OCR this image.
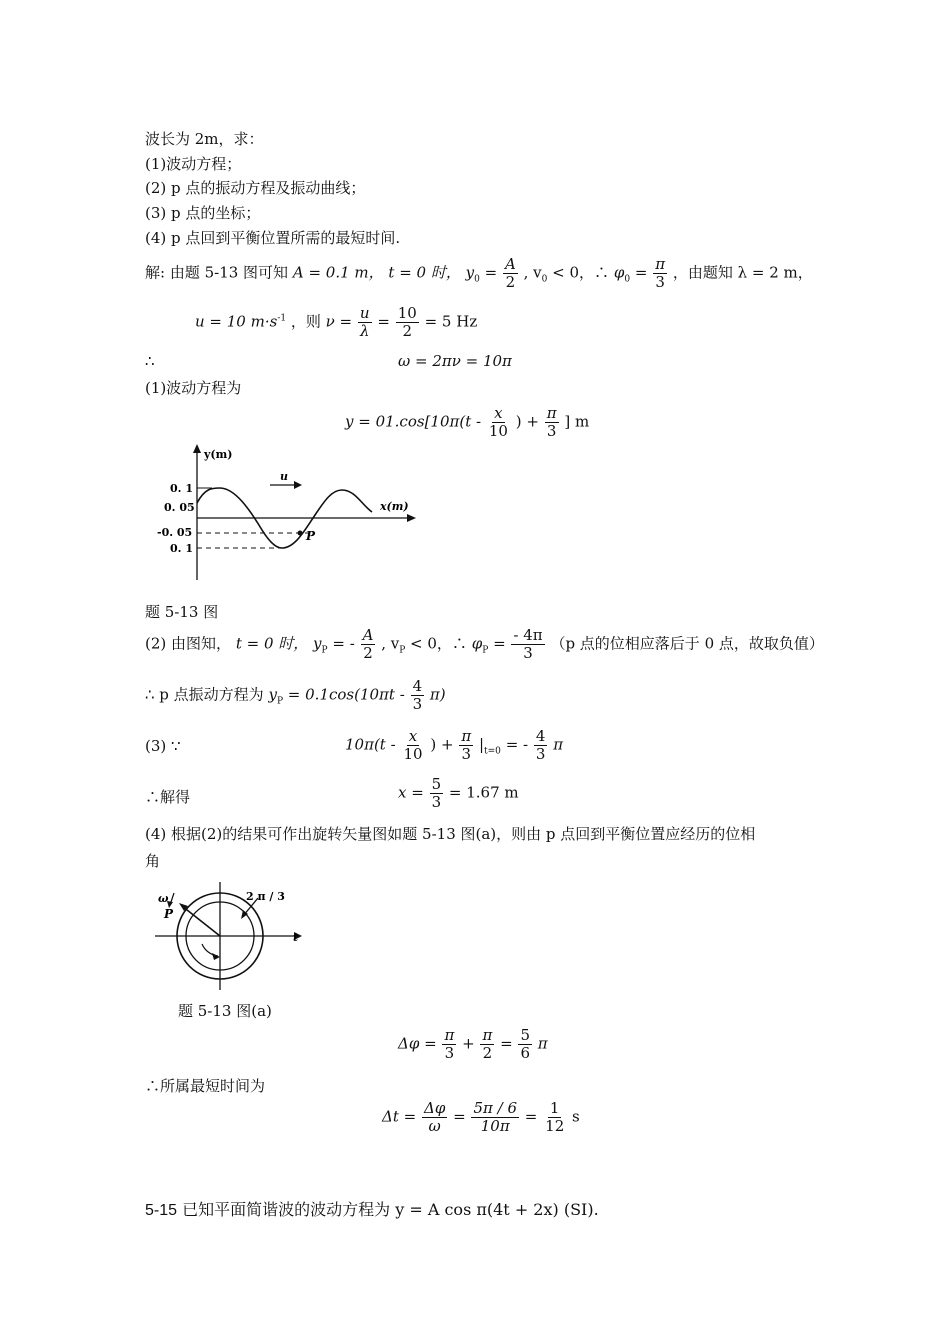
波长为 2m，求：
(1)波动方程；
(2) p 点的振动方程及振动曲线；
(3) p 点的坐标；
(4) p 点回到平衡位置所需的最短时间.
解: 由题 5-13 图可知 A = 0.1 m， t = 0 时， $y_0 = \frac{A}{2}$ , $v_0 < 0$，∴ $\varphi_0 = \frac{\pi}{3}$ ，由题知 λ = 2 m，
u = 10 $m\cdot s^{-1}$ ，则 $\nu = \frac{u}{\lambda} = \frac{10}{2} = 5$ Hz
∴	ω = 2πν = 10π
(1)波动方程为
$y = 01.\cos[10\pi(t - \frac{x}{10}$ ) + $\frac{\pi}{3}$ ] m
y(m)
x(m)
u
0. 1
0. 05
-0. 05
0. 1
P
题 5-13 图
(2) 由图知， t = 0 时， $y_P$ = - $\frac{A}{2}$ , $v_P < 0$，∴ $\varphi_P = \frac{- 4\pi}{3} (p$ 点的位相应落后于 0 点，故取负值）
∴ p 点振动方程为 $y_P = 0.1\cos(10\pi t - \frac{4}{3} \pi)$
(3) ∵	$10\pi(t - \frac{x}{10}$ ) + $\frac{\pi}{3} |_{t=0}$ = - $\frac{4}{3}$ π
∴解得	$x = \frac{5}{3} = 1.67$ m
(4) 根据(2)的结果可作出旋转矢量图如题 5-13 图(a)，则由 p 点回到平衡位置应经历的位相
角
ω
P
2 π / 3
t
题 5-13 图(a)
$\Delta\varphi = \frac{\pi}{3} + \frac{\pi}{2} = \frac{5}{6}$ π
∴所属最短时间为
$\Delta t = \frac{\Delta\varphi}{\omega} = \frac{5\pi / 6}{10\pi} = \frac{1}{12}$ s
5-15 已知平面简谐波的波动方程为 y = A cos π(4t + 2x) (SI).
